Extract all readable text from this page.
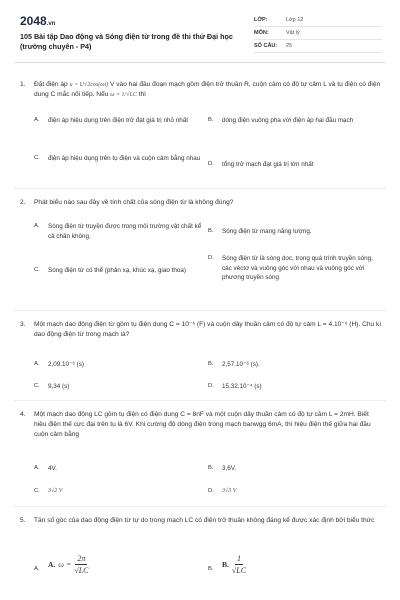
2048.vn
105 Bài tập Dao động và Sóng điện từ trong đề thi thử Đại học (trường chuyên - P4)
LỚP:	Lớp 12
MÔN:	Vật lý
SỐ CÂU:	25
1.	Đặt điện áp u = U√2cos(ωt) V vào hai đầu đoạn mạch gồm điện trở thuần R, cuộn cảm có độ tự cảm L và tụ điện có điện dung C mắc nối tiếp. Nếu ω = 1/√LC thì
A. điện áp hiệu dụng trên điện trở đạt giá trị nhỏ nhất	B. dòng điện vuông pha với điện áp hai đầu mạch
C. điện áp hiệu dụng trên tụ điện và cuộn cảm bằng nhau
D. tổng trở mạch đạt giá trị lớn nhất
2.	Phát biểu nào sau đây về tính chất của sóng điện từ là không đúng?
A. Sóng điện từ truyền được trong môi trường vật chất kể cả chân không.
B. Sóng điện từ mang năng lượng.
C. Sóng điện từ có thể (phản xạ, khúc xạ, giao thoa)
D. Sóng điện từ là sóng dọc, trong quá trình truyền sóng, các véctơ và vuông góc với nhau và vuông góc với phương truyền sóng
3.	Một mạch dao động điện từ gồm tụ điện dung C = 10⁻⁶ (F) và cuộn dây thuần cảm có độ tự cảm L = 4.10⁻⁶ (H). Chu kì dao động điện từ trong mạch là?
A. 2,09.10⁻⁶ (s)	B. 2,57.10⁻⁶ (s).
C. 9,34 (s)	D. 15,32.10⁻⁴ (s)
4.	Một mạch dao động LC gồm tụ điện có điện dung C = 8nF và một cuộn dây thuần cảm có độ tự cảm L = 2mH. Biết hiệu điện thế cực đại trên tụ là 6V. Khi cường độ dòng điện trong mạch banwgg 6mA, thì hiệu điện thế giữa hai đầu cuộn cảm bằng
A. 4V.	B. 3,6V.
C. 3√2 V	D. 3√3 V
5.	Tần số góc của dao động điện từ tự do trong mạch LC có điện trở thuần không đáng kể được xác định bởi biểu thức
A. A. $\omega = \frac{2\pi}{√LC}$	B. B. $\frac{1}{√LC}$
